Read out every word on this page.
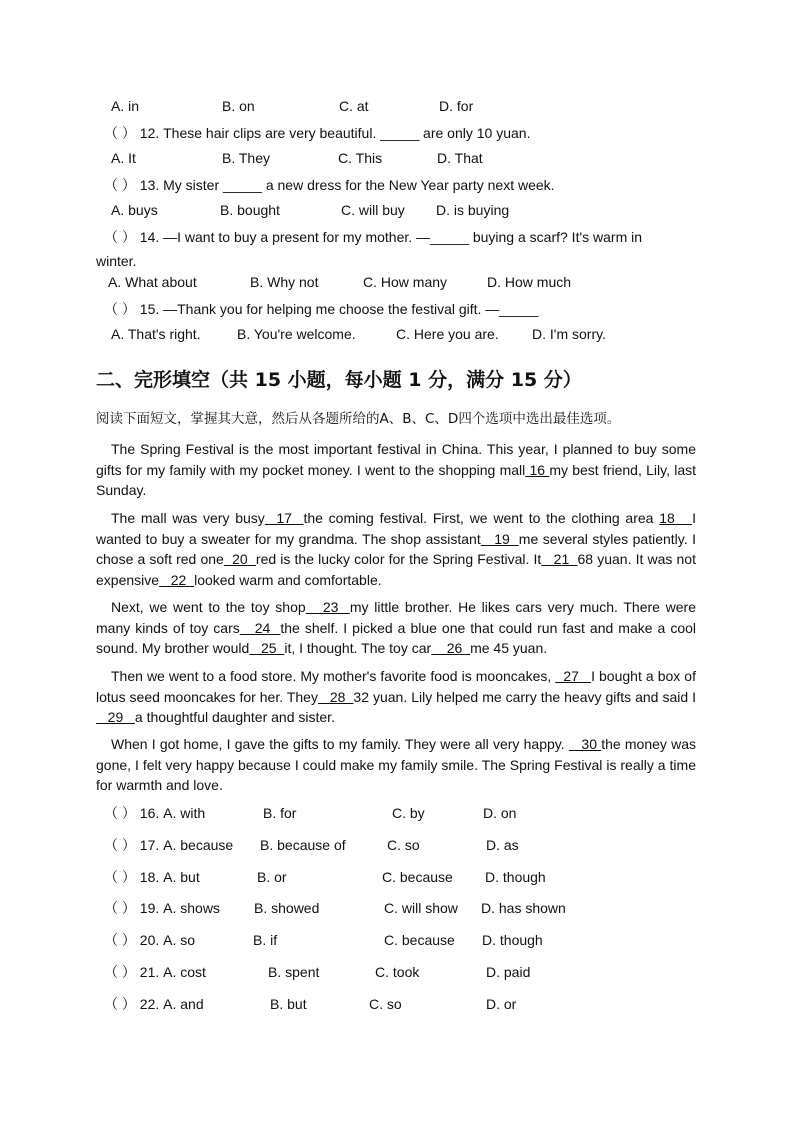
A. in	B. on	C. at	D. for
（ ） 12. These hair clips are very beautiful. _____ are only 10 yuan.
A. It	B. They	C. This	D. That
（ ） 13. My sister _____ a new dress for the New Year party next week.
A. buys	B. bought	C. will buy D. is buying
（ ） 14. —I want to buy a present for my mother. —_____ buying a scarf? It's warm in
winter.
A. What about	B. Why not	C. How many	D. How much
（ ） 15. —Thank you for helping me choose the festival gift. —_____
A. That's right.	B. You're welcome.	C. Here you are. D. I'm sorry.
二、完形填空（共 15 小题，每小题 1 分，满分 15 分）
阅读下面短文，掌握其大意，然后从各题所给的A、B、C、D四个选项中选出最佳选项。
The Spring Festival is the most important festival in China. This year, I planned to buy some gifts for my family with my pocket money. I went to the shopping mall 16 my best friend, Lily, last Sunday.
The mall was very busy  17  the coming festival. First, we went to the clothing area 18   I wanted to buy a sweater for my grandma. The shop assistant   19  me several styles patiently. I chose a soft red one  20  red is the lucky color for the Spring Festival. It   21  68 yuan. It was not expensive   22  looked warm and comfortable.
Next, we went to the toy shop   23  my little brother. He likes cars very much. There were many kinds of toy cars   24  the shelf. I picked a blue one that could run fast and make a cool sound. My brother would   25  it, I thought. The toy car    26  me 45 yuan.
Then we went to a food store. My mother's favorite food is mooncakes,   27   I bought a box of lotus seed mooncakes for her. They   28  32 yuan. Lily helped me carry the heavy gifts and said I   29   a thoughtful daughter and sister.
When I got home, I gave the gifts to my family. They were all very happy.    30 the money was gone, I felt very happy because I could make my family smile. The Spring Festival is really a time for warmth and love.
（ ） 16. A. with	B. for	C. by	D. on
（ ） 17. A. because B. because of	C. so	D. as
（ ） 18. A. but	B. or	C. because D. though
（ ） 19. A. shows B. showed	C. will show D. has shown
（ ） 20. A. so	B. if	C. because D. though
（ ） 21. A. cost	B. spent	C. took	D. paid
（ ） 22. A. and	B. but	C. so	D. or
